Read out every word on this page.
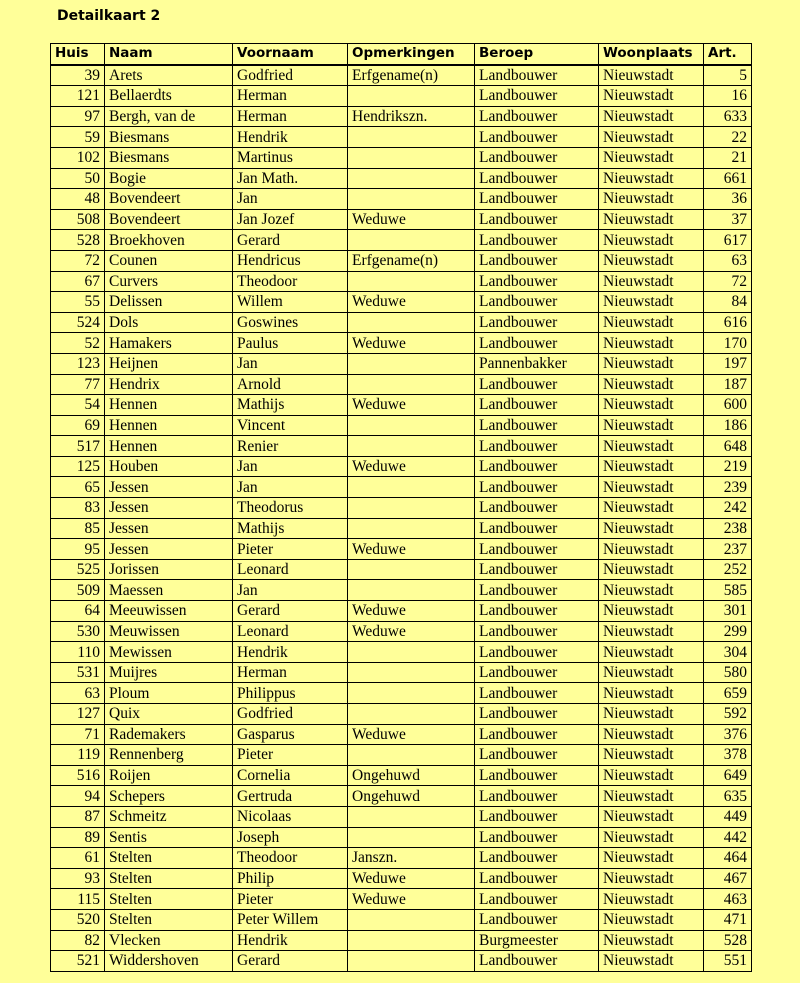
Detailkaart 2
Huis	Naam	Voornaam	Opmerkingen	Beroep	Woonplaats	Art.
39	Arets	Godfried	Erfgename(n)	Landbouwer	Nieuwstadt	5
121	Bellaerdts	Herman		Landbouwer	Nieuwstadt	16
97	Bergh, van de	Herman	Hendrikszn.	Landbouwer	Nieuwstadt	633
59	Biesmans	Hendrik		Landbouwer	Nieuwstadt	22
102	Biesmans	Martinus		Landbouwer	Nieuwstadt	21
50	Bogie	Jan Math.		Landbouwer	Nieuwstadt	661
48	Bovendeert	Jan		Landbouwer	Nieuwstadt	36
508	Bovendeert	Jan Jozef	Weduwe	Landbouwer	Nieuwstadt	37
528	Broekhoven	Gerard		Landbouwer	Nieuwstadt	617
72	Counen	Hendricus	Erfgename(n)	Landbouwer	Nieuwstadt	63
67	Curvers	Theodoor		Landbouwer	Nieuwstadt	72
55	Delissen	Willem	Weduwe	Landbouwer	Nieuwstadt	84
524	Dols	Goswines		Landbouwer	Nieuwstadt	616
52	Hamakers	Paulus	Weduwe	Landbouwer	Nieuwstadt	170
123	Heijnen	Jan		Pannenbakker	Nieuwstadt	197
77	Hendrix	Arnold		Landbouwer	Nieuwstadt	187
54	Hennen	Mathijs	Weduwe	Landbouwer	Nieuwstadt	600
69	Hennen	Vincent		Landbouwer	Nieuwstadt	186
517	Hennen	Renier		Landbouwer	Nieuwstadt	648
125	Houben	Jan	Weduwe	Landbouwer	Nieuwstadt	219
65	Jessen	Jan		Landbouwer	Nieuwstadt	239
83	Jessen	Theodorus		Landbouwer	Nieuwstadt	242
85	Jessen	Mathijs		Landbouwer	Nieuwstadt	238
95	Jessen	Pieter	Weduwe	Landbouwer	Nieuwstadt	237
525	Jorissen	Leonard		Landbouwer	Nieuwstadt	252
509	Maessen	Jan		Landbouwer	Nieuwstadt	585
64	Meeuwissen	Gerard	Weduwe	Landbouwer	Nieuwstadt	301
530	Meuwissen	Leonard	Weduwe	Landbouwer	Nieuwstadt	299
110	Mewissen	Hendrik		Landbouwer	Nieuwstadt	304
531	Muijres	Herman		Landbouwer	Nieuwstadt	580
63	Ploum	Philippus		Landbouwer	Nieuwstadt	659
127	Quix	Godfried		Landbouwer	Nieuwstadt	592
71	Rademakers	Gasparus	Weduwe	Landbouwer	Nieuwstadt	376
119	Rennenberg	Pieter		Landbouwer	Nieuwstadt	378
516	Roijen	Cornelia	Ongehuwd	Landbouwer	Nieuwstadt	649
94	Schepers	Gertruda	Ongehuwd	Landbouwer	Nieuwstadt	635
87	Schmeitz	Nicolaas		Landbouwer	Nieuwstadt	449
89	Sentis	Joseph		Landbouwer	Nieuwstadt	442
61	Stelten	Theodoor	Janszn.	Landbouwer	Nieuwstadt	464
93	Stelten	Philip	Weduwe	Landbouwer	Nieuwstadt	467
115	Stelten	Pieter	Weduwe	Landbouwer	Nieuwstadt	463
520	Stelten	Peter Willem		Landbouwer	Nieuwstadt	471
82	Vlecken	Hendrik		Burgmeester	Nieuwstadt	528
521	Widdershoven	Gerard		Landbouwer	Nieuwstadt	551
